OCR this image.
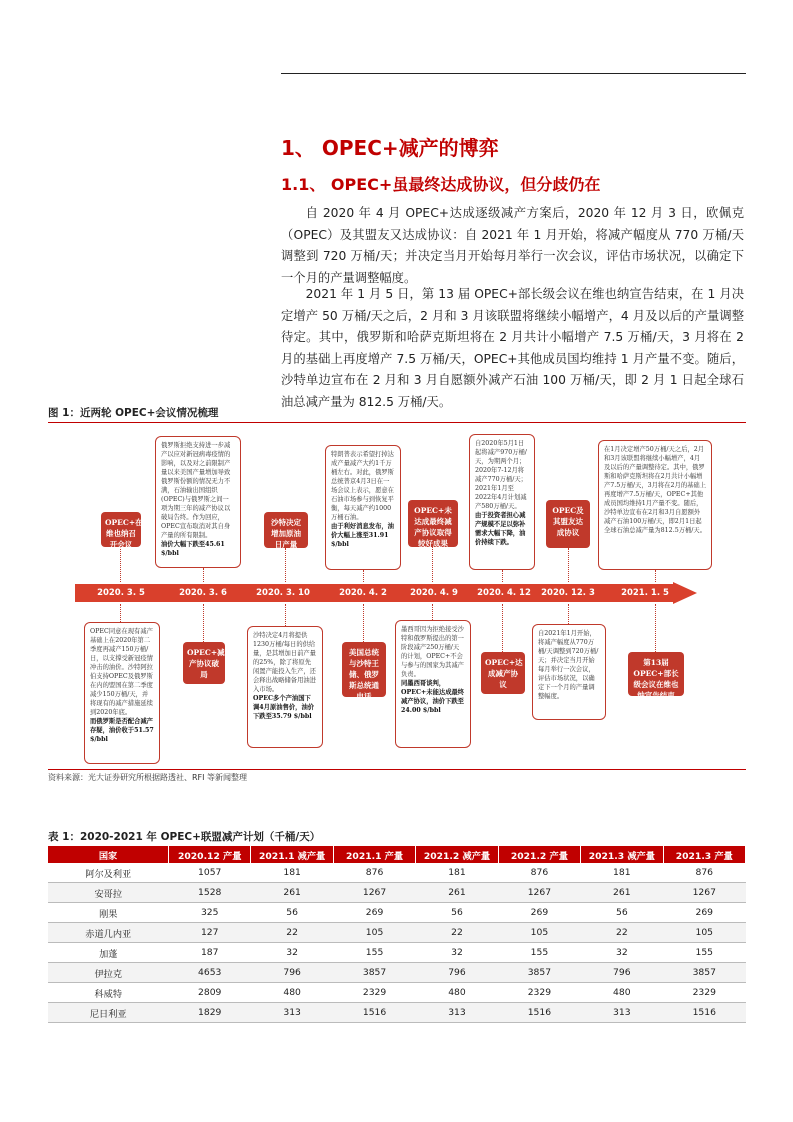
1、 OPEC+减产的博弈
1.1、 OPEC+虽最终达成协议，但分歧仍在

自 2020 年 4 月 OPEC+达成逐级减产方案后，2020 年 12 月 3 日，欧佩克（OPEC）及其盟友又达成协议：自 2021 年 1 月开始，将减产幅度从 770 万桶/天调整到 720 万桶/天；并决定当月开始每月举行一次会议，评估市场状况，以确定下一个月的产量调整幅度。

2021 年 1 月 5 日，第 13 届 OPEC+部长级会议在维也纳宣告结束，在 1 月决定增产 50 万桶/天之后，2 月和 3 月该联盟将继续小幅增产，4 月及以后的产量调整待定。其中，俄罗斯和哈萨克斯坦将在 2 月共计小幅增产 7.5 万桶/天，3 月将在 2 月的基础上再度增产 7.5 万桶/天，OPEC+其他成员国均维持 1 月产量不变。随后，沙特单边宣布在 2 月和 3 月自愿额外减产石油 100 万桶/天，即 2 月 1 日起全球石油总减产量为 812.5 万桶/天。

图 1：近两轮 OPEC+会议情况梳理
2020. 3. 5	2020. 3. 6	2020. 3. 10	2020. 4. 2	2020. 4. 9	2020. 4. 12 2020. 12. 3	2021. 1. 5
OPEC+在维也纳召开会议
OPEC+减产协议破局
沙特决定增加原油日产量
美国总统与沙特王储、俄罗斯总统通电话
OPEC+未达成最终减产协议取得较好成果
OPEC+达成减产协议
OPEC及其盟友达成协议
第13届OPEC+部长级会议在维也纳宣告结束
OPEC同意在现有减产基础上在2020年第二季度再减产150万桶/日，以支撑受新冠疫情冲击的油价。沙特阿拉伯支持OPEC及俄罗斯在内的盟国在第二季度减少150万桶/天，并将现有的减产措施延续到2020年底。
而俄罗斯是否配合减产存疑，油价收于51.57 $/bbl
俄罗斯拒绝支持进一步减产以应对新冠病毒疫情的影响，以及对之前限制产量以来美国产量增加导致俄罗斯份额的情况无力不满，石油输出国组织(OPEC)与俄罗斯之间一项为期三年的减产协议以破局告终。作为回应，OPEC宣布取消对其自身产量的所有限制。
油价大幅下跌至45.61 $/bbl
沙特决定4月将提供1230万桶/每日的供给量，是其增加日前产量的25%，除了将原先闲置产能投入生产，还会释出战略储备用油进入市场。
OPEC多个产油国下调4月原油售价，油价下跌至35.79 $/bbl
特朗普表示希望打掉达成产量减产大约1千万桶左右。对此，俄罗斯总统普京4月3日在一场会议上表示，愿意在石油市场参与到恢复平衡，每天减产约1000万桶石油。
由于利好消息发布，油价大幅上涨至31.91 $/bbl
墨西哥因为拒绝接受沙特和俄罗斯提出的第一阶段减产250万桶/天的计划，OPEC+不会与参与的国家为其减产负责。
同墨西哥谈判，OPEC+未能达成最终减产协议，油价下跌至24.00 $/bbl
自2020年5月1日起将减产970万桶/天，为期两个月；2020年7-12月将减产770万桶/天；2021年1月至2022年4月计划减产580万桶/天。
由于投资者担心减产规模不足以弥补需求大幅下降，油价持续下跌。
自2021年1月开始，将减产幅度从770万桶/天调整到720万桶/天；并决定当月开始每月举行一次会议，评估市场状况，以确定下一个月的产量调整幅度。
在1月决定增产50万桶/天之后，2月和3月该联盟将继续小幅增产，4月及以后的产量调整待定。其中，俄罗斯和哈萨克斯坦将在2月共计小幅增产7.5万桶/天，3月将在2月的基础上再度增产7.5万桶/天，OPEC+其他成员国均维持1月产量不变。随后，沙特单边宣布在2月和3月自愿额外减产石油100万桶/天，即2月1日起全球石油总减产量为812.5万桶/天。
资料来源：光大证券研究所根据路透社、RFI 等新闻整理
表 1：2020-2021 年 OPEC+联盟减产计划（千桶/天）
国家	2020.12 产量	2021.1 减产量	2021.1 产量	2021.2 减产量	2021.2 产量	2021.3 减产量	2021.3 产量
阿尔及利亚	1057	181	876	181	876	181	876
安哥拉	1528	261	1267	261	1267	261	1267
刚果	325	56	269	56	269	56	269
赤道几内亚	127	22	105	22	105	22	105
加蓬	187	32	155	32	155	32	155
伊拉克	4653	796	3857	796	3857	796	3857
科威特	2809	480	2329	480	2329	480	2329
尼日利亚	1829	313	1516	313	1516	313	1516
